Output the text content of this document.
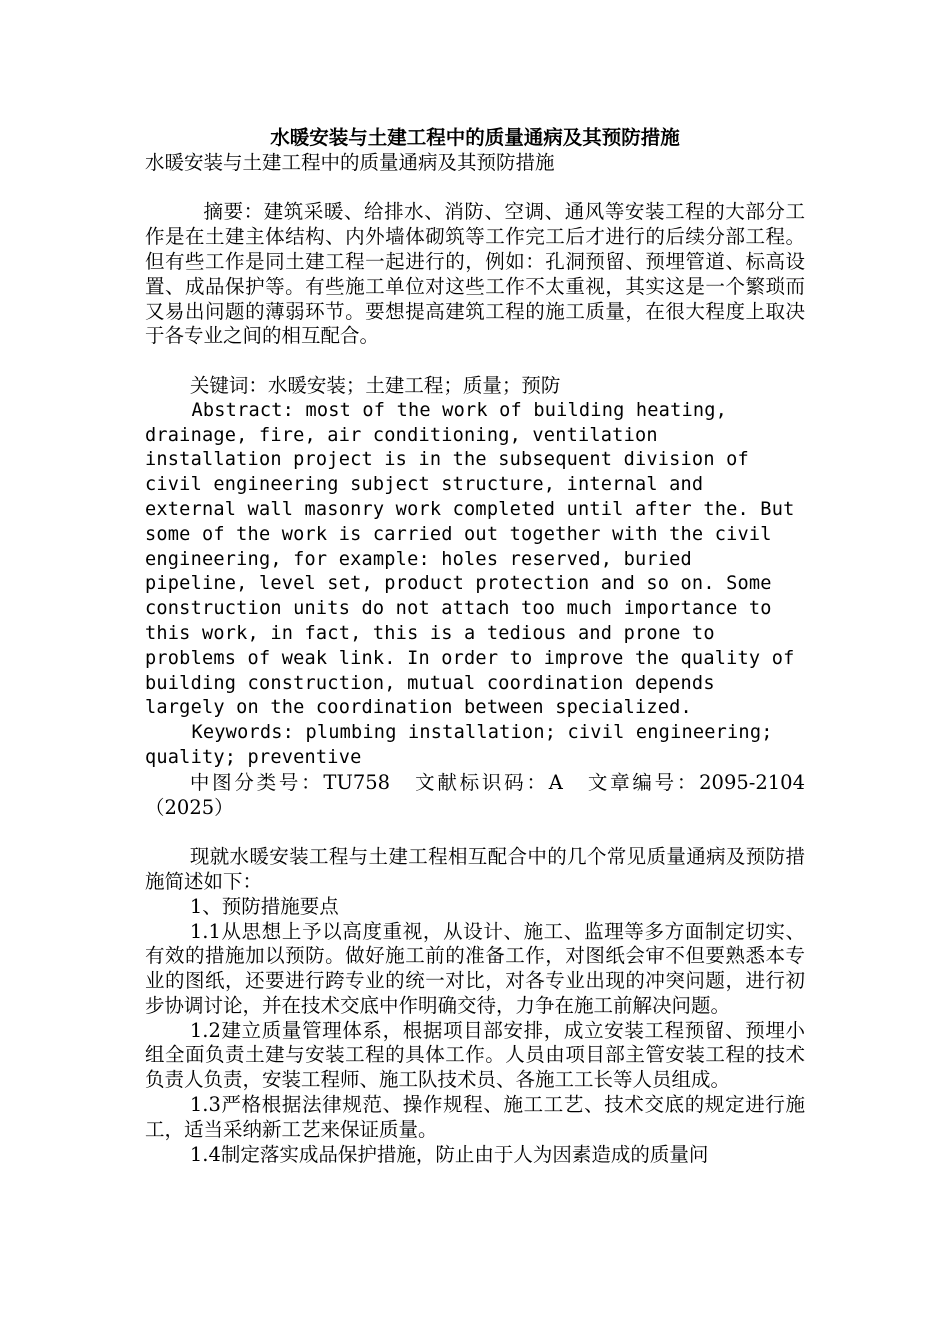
水暖安装与土建工程中的质量通病及其预防措施

水暖安装与土建工程中的质量通病及其预防措施

摘要：建筑采暖、给排水、消防、空调、通风等安装工程的大部分工作是在土建主体结构、内外墙体砌筑等工作完工后才进行的后续分部工程。但有些工作是同土建工程一起进行的，例如：孔洞预留、预埋管道、标高设置、成品保护等。有些施工单位对这些工作不太重视，其实这是一个繁琐而又易出问题的薄弱环节。要想提高建筑工程的施工质量，在很大程度上取决于各专业之间的相互配合。

关键词：水暖安装；土建工程；质量；预防

Abstract: most of the work of building heating, drainage, fire, air conditioning, ventilation installation project is in the subsequent division of civil engineering subject structure, internal and external wall masonry work completed until after the. But some of the work is carried out together with the civil engineering, for example: holes reserved, buried pipeline, level set, product protection and so on. Some construction units do not attach too much importance to this work, in fact, this is a tedious and prone to problems of weak link. In order to improve the quality of building construction, mutual coordination depends largely on the coordination between specialized.

Keywords: plumbing installation; civil engineering; quality; preventive

中图分类号：TU758　文献标识码：A　文章编号：2095-2104（2025）

现就水暖安装工程与土建工程相互配合中的几个常见质量通病及预防措施简述如下：

1、预防措施要点

1.1从思想上予以高度重视，从设计、施工、监理等多方面制定切实、有效的措施加以预防。做好施工前的准备工作，对图纸会审不但要熟悉本专业的图纸，还要进行跨专业的统一对比，对各专业出现的冲突问题，进行初步协调讨论，并在技术交底中作明确交待，力争在施工前解决问题。

1.2建立质量管理体系，根据项目部安排，成立安装工程预留、预埋小组全面负责土建与安装工程的具体工作。人员由项目部主管安装工程的技术负责人负责，安装工程师、施工队技术员、各施工工长等人员组成。

1.3严格根据法律规范、操作规程、施工工艺、技术交底的规定进行施工，适当采纳新工艺来保证质量。

1.4制定落实成品保护措施，防止由于人为因素造成的质量问
